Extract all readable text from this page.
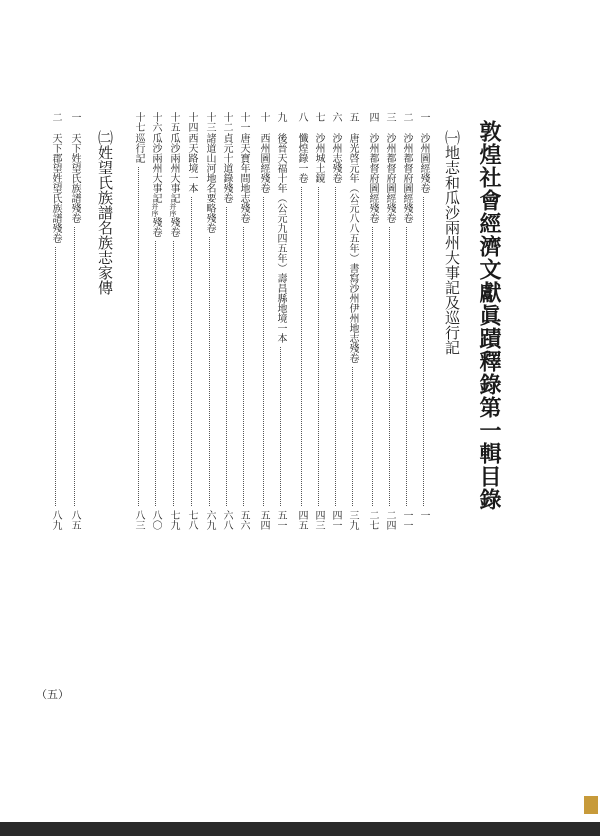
敦煌社會經濟文獻眞蹟釋錄第一輯目錄
㈠地志和瓜沙兩州大事記及巡行記
㈡姓望氏族譜名族志家傳
一
沙州圖經殘卷
一
二
沙州都督府圖經殘卷
一一
三
沙州都督府圖經殘卷
二四
四
沙州都督府圖經殘卷
二七
五
唐光啓元年（公元八八五年）書寫沙州伊州地志殘卷
三九
六
沙州志殘卷
四一
七
沙州城土鏡
四三
八
懺煌錄一卷
四五
九
後晉天福十年（公元九四五年）壽昌縣地境一本
五一
十
西州圖經殘卷
五四
十一
唐天寶年間地志殘卷
五六
十二
貞元十道錄殘卷
六八
十三
諸道山河地名要略殘卷
六九
十四
西天路境一本
七八
十五
瓜沙兩州大事記并序殘卷
七九
十六
瓜沙兩州大事記并序殘卷
八〇
十七
巡行記
八三
一
天下姓望氏族譜殘卷
八五
二
天下郡望姓望氏族譜殘卷
八九
（五）
